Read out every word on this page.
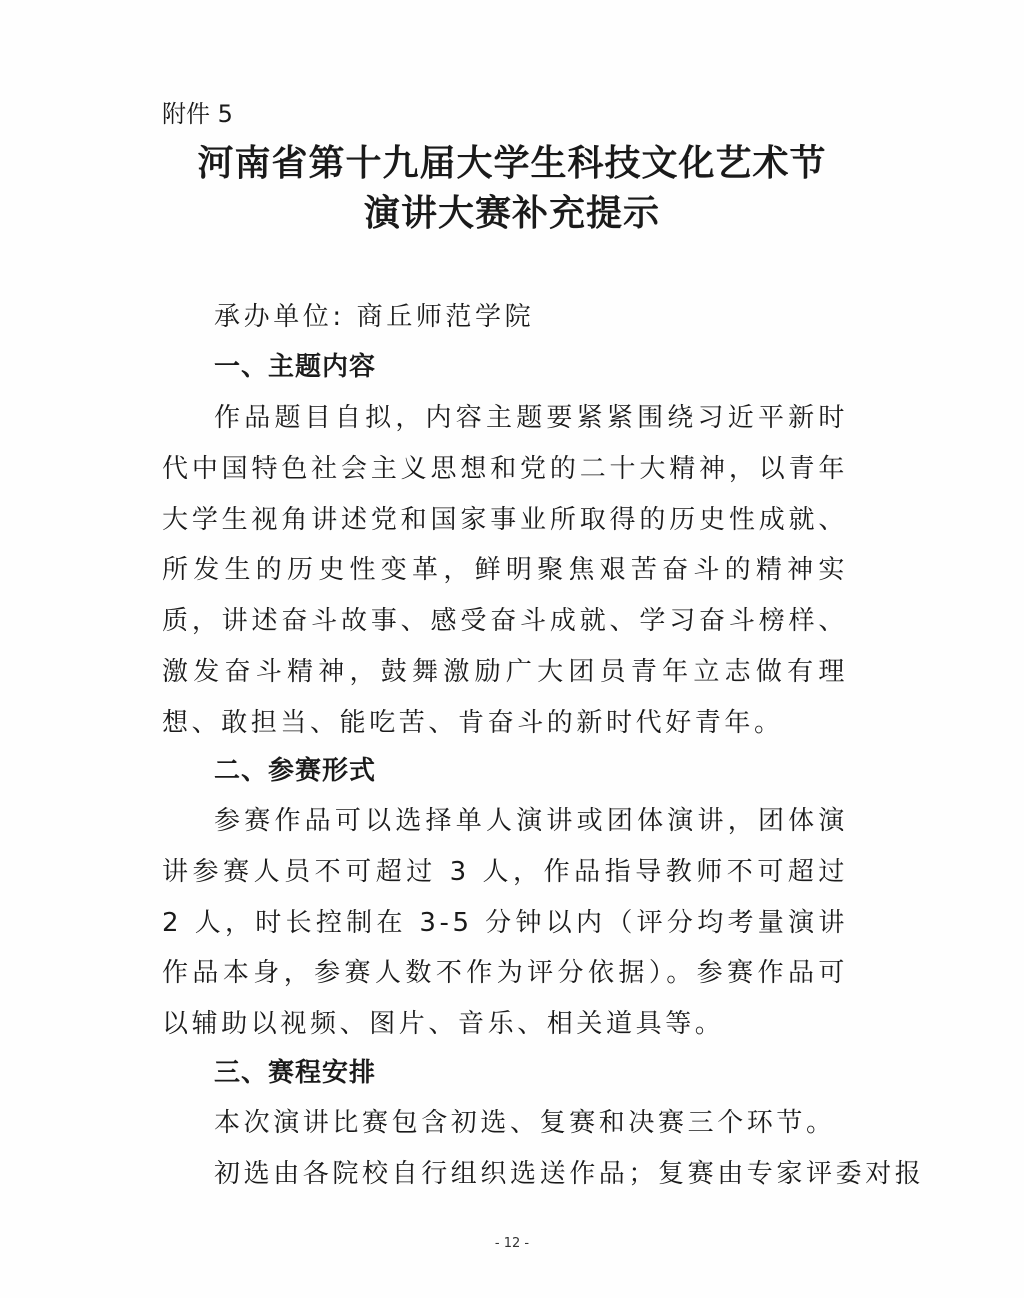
附件 5
河南省第十九届大学生科技文化艺术节
演讲大赛补充提示
承办单位: 商丘师范学院
一、主题内容
作品题目自拟，内容主题要紧紧围绕习近平新时代中国特色社会主义思想和党的二十大精神，以青年大学生视角讲述党和国家事业所取得的历史性成就、所发生的历史性变革，鲜明聚焦艰苦奋斗的精神实质，讲述奋斗故事、感受奋斗成就、学习奋斗榜样、激发奋斗精神，鼓舞激励广大团员青年立志做有理想、敢担当、能吃苦、肯奋斗的新时代好青年。
二、参赛形式
参赛作品可以选择单人演讲或团体演讲，团体演讲参赛人员不可超过 3 人，作品指导教师不可超过 2 人，时长控制在 3-5 分钟以内（评分均考量演讲作品本身，参赛人数不作为评分依据）。参赛作品可以辅助以视频、图片、音乐、相关道具等。
三、赛程安排
本次演讲比赛包含初选、复赛和决赛三个环节。
初选由各院校自行组织选送作品；复赛由专家评委对报
- 12 -
